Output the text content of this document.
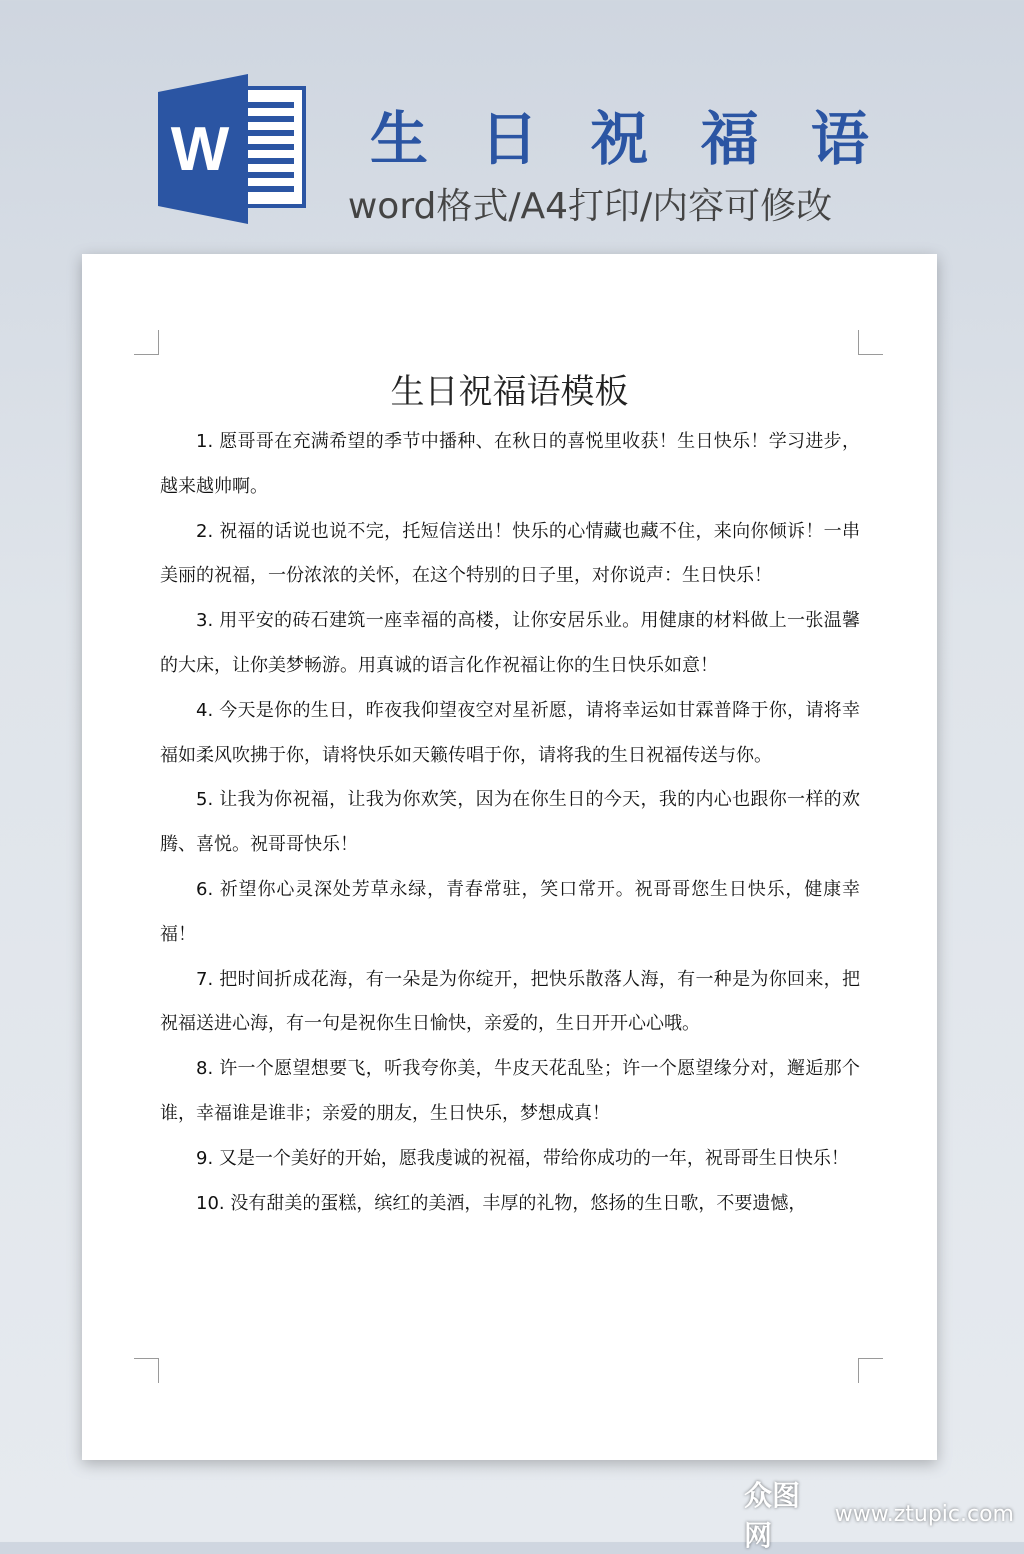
W 生 日 祝 福 语
word格式/A4打印/内容可修改
生日祝福语模板

1. 愿哥哥在充满希望的季节中播种、在秋日的喜悦里收获！生日快乐！学习进步，越来越帅啊。

2. 祝福的话说也说不完，托短信送出！快乐的心情藏也藏不住，来向你倾诉！一串美丽的祝福，一份浓浓的关怀，在这个特别的日子里，对你说声：生日快乐！

3. 用平安的砖石建筑一座幸福的高楼，让你安居乐业。用健康的材料做上一张温馨的大床，让你美梦畅游。用真诚的语言化作祝福让你的生日快乐如意！

4. 今天是你的生日，昨夜我仰望夜空对星祈愿，请将幸运如甘霖普降于你，请将幸福如柔风吹拂于你，请将快乐如天籁传唱于你，请将我的生日祝福传送与你。

5. 让我为你祝福，让我为你欢笑，因为在你生日的今天，我的内心也跟你一样的欢腾、喜悦。祝哥哥快乐！

6. 祈望你心灵深处芳草永绿，青春常驻，笑口常开。祝哥哥您生日快乐，健康幸福！

7. 把时间折成花海，有一朵是为你绽开，把快乐散落人海，有一种是为你回来，把祝福送进心海，有一句是祝你生日愉快，亲爱的，生日开开心心哦。

8. 许一个愿望想要飞，听我夸你美，牛皮天花乱坠；许一个愿望缘分对，邂逅那个谁，幸福谁是谁非；亲爱的朋友，生日快乐，梦想成真！

9. 又是一个美好的开始，愿我虔诚的祝福，带给你成功的一年，祝哥哥生日快乐！

10. 没有甜美的蛋糕，缤红的美酒，丰厚的礼物，悠扬的生日歌，不要遗憾，

众图网
www.ztupic.com
